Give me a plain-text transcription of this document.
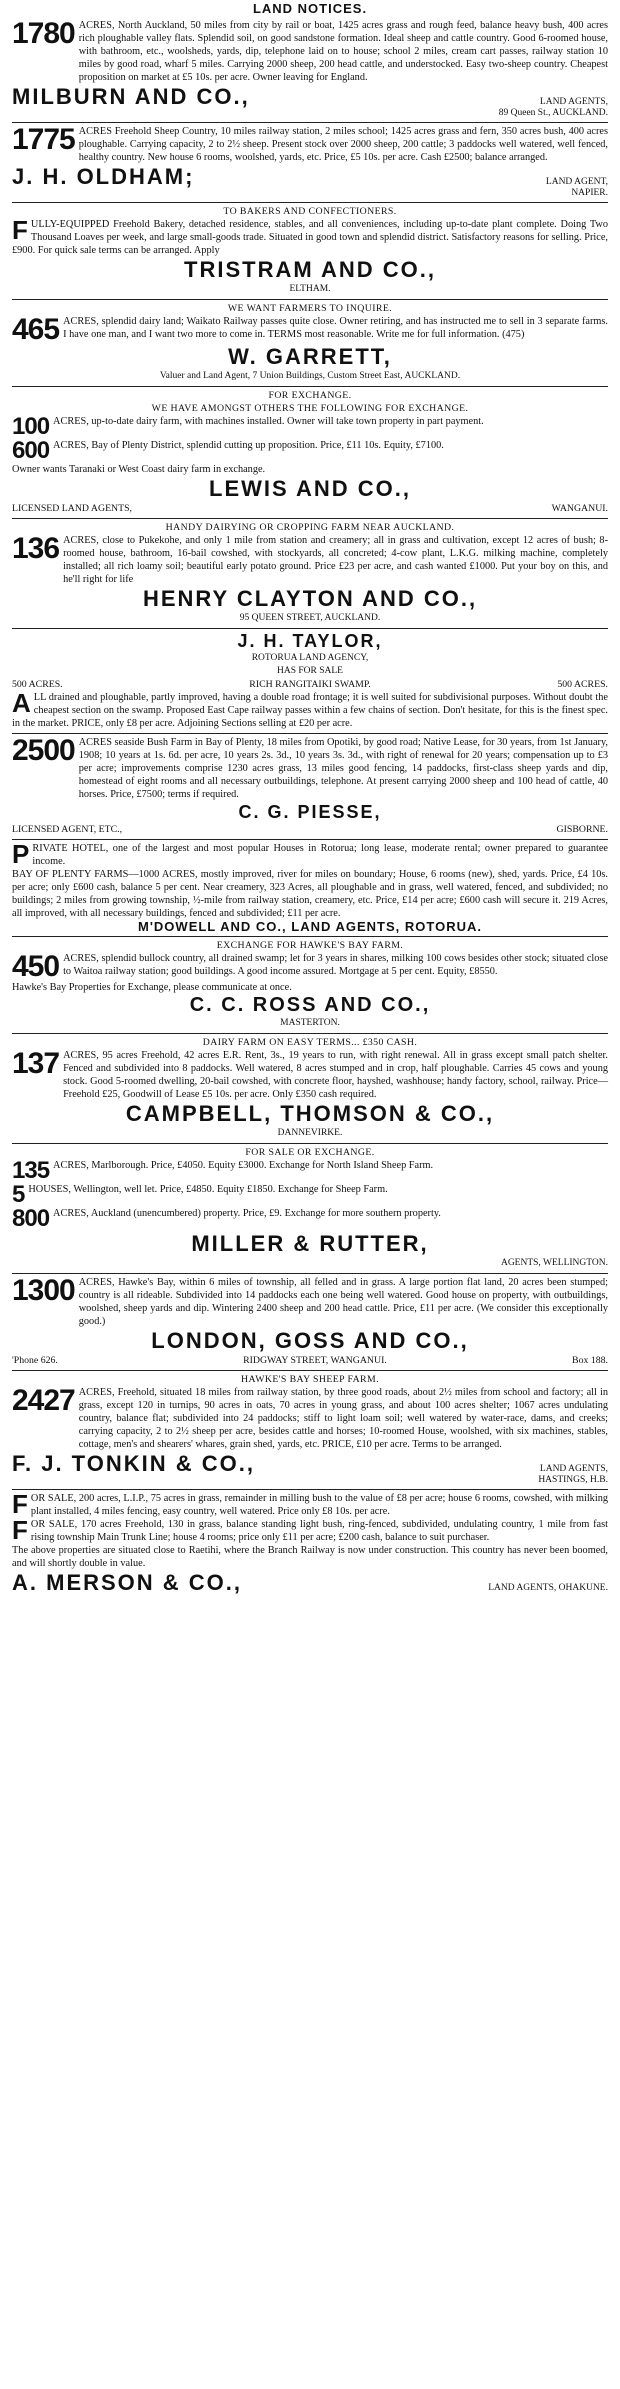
LAND NOTICES.
1780 ACRES, North Auckland, 50 miles from city by rail or boat, 1425 acres grass and rough feed, balance heavy bush, 400 acres rich ploughable valley flats. Splendid soil, on good sandstone formation. Ideal sheep and cattle country. Good 6-roomed house, with bathroom, etc., woolsheds, yards, dip, telephone laid on to house; school 2 miles, cream cart passes, railway station 10 miles by good road, wharf 5 miles. Carrying 2000 sheep, 200 head cattle, and understocked. Easy two-sheep country. Cheapest proposition on market at £5 10s. per acre. Owner leaving for England.
MILBURN AND CO.,	LAND AGENTS,
89 Queen St., AUCKLAND.
1775 ACRES Freehold Sheep Country, 10 miles railway station, 2 miles school; 1425 acres grass and fern, 350 acres bush, 400 acres ploughable. Carrying capacity, 2 to 2½ sheep. Present stock over 2000 sheep, 200 cattle; 3 paddocks well watered, well fenced, healthy country. New house 6 rooms, woolshed, yards, etc. Price, £5 10s. per acre. Cash £2500; balance arranged.
J. H. OLDHAM;	LAND AGENT,
NAPIER.
TO BAKERS AND CONFECTIONERS.
FULLY-EQUIPPED Freehold Bakery, detached residence, stables, and all conveniences, including up-to-date plant complete. Doing Two Thousand Loaves per week, and large small-goods trade. Situated in good town and splendid district. Satisfactory reasons for selling. Price, £900. For quick sale terms can be arranged. Apply
TRISTRAM AND CO.,
ELTHAM.
WE WANT FARMERS TO INQUIRE.
465 ACRES, splendid dairy land; Waikato Railway passes quite close. Owner retiring, and has instructed me to sell in 3 separate farms. I have one man, and I want two more to come in. TERMS most reasonable. Write me for full information. (475)
W. GARRETT,
Valuer and Land Agent, 7 Union Buildings, Custom Street East, AUCKLAND.
FOR EXCHANGE.
WE HAVE AMONGST OTHERS THE FOLLOWING FOR EXCHANGE.
100 ACRES, up-to-date dairy farm, with machines installed. Owner will take town property in part payment.
600 ACRES, Bay of Plenty District, splendid cutting up proposition. Price, £11 10s. Equity, £7100.
Owner wants Taranaki or West Coast dairy farm in exchange.
LEWIS AND CO.,
LICENSED LAND AGENTS,	WANGANUI.
HANDY DAIRYING OR CROPPING FARM NEAR AUCKLAND.
136 ACRES, close to Pukekohe, and only 1 mile from station and creamery; all in grass and cultivation, except 12 acres of bush; 8-roomed house, bathroom, 16-bail cowshed, with stockyards, all concreted; 4-cow plant, L.K.G. milking machine, completely installed; all rich loamy soil; beautiful early potato ground. Price £23 per acre, and cash wanted £1000. Put your boy on this, and he'll right for life
HENRY CLAYTON AND CO.,
95 QUEEN STREET, AUCKLAND.
J. H. TAYLOR,
ROTORUA LAND AGENCY,
HAS FOR SALE
500 ACRES.	RICH RANGITAIKI SWAMP.	500 ACRES.
ALL drained and ploughable, partly improved, having a double road frontage; it is well suited for subdivisional purposes. Without doubt the cheapest section on the swamp. Proposed East Cape railway passes within a few chains of section. Don't hesitate, for this is the finest spec. in the market. PRICE, only £8 per acre. Adjoining Sections selling at £20 per acre.
2500 ACRES seaside Bush Farm in Bay of Plenty, 18 miles from Opotiki, by good road; Native Lease, for 30 years, from 1st January, 1908; 10 years at 1s. 6d. per acre, 10 years 2s. 3d., 10 years 3s. 3d., with right of renewal for 20 years; compensation up to £3 per acre; improvements comprise 1230 acres grass, 13 miles good fencing, 14 paddocks, first-class sheep yards and dip, homestead of eight rooms and all necessary outbuildings, telephone. At present carrying 2000 sheep and 100 head of cattle, 40 horses. Price, £7500; terms if required.
C. G. PIESSE,
LICENSED AGENT, ETC.,	GISBORNE.
PRIVATE HOTEL, one of the largest and most popular Houses in Rotorua; long lease, moderate rental; owner prepared to guarantee income.
BAY OF PLENTY FARMS—1000 ACRES, mostly improved, river for miles on boundary; House, 6 rooms (new), shed, yards. Price, £4 10s. per acre; only £600 cash, balance 5 per cent. Near creamery, 323 Acres, all ploughable and in grass, well watered, fenced, and subdivided; no buildings; 2 miles from growing township, ½-mile from railway station, creamery, etc. Price, £14 per acre; £600 cash will secure it. 219 Acres, all improved, with all necessary buildings, fenced and subdivided; £11 per acre.
M'DOWELL AND CO., LAND AGENTS, ROTORUA.
EXCHANGE FOR HAWKE'S BAY FARM.
450 ACRES, splendid bullock country, all drained swamp; let for 3 years in shares, milking 100 cows besides other stock; situated close to Waitoa railway station; good buildings. A good income assured. Mortgage at 5 per cent. Equity, £8550.
Hawke's Bay Properties for Exchange, please communicate at once.
C. C. ROSS AND CO.,
MASTERTON.
DAIRY FARM ON EASY TERMS... £350 CASH.
137 ACRES, 95 acres Freehold, 42 acres E.R. Rent, 3s., 19 years to run, with right renewal. All in grass except small patch shelter. Fenced and subdivided into 8 paddocks. Well watered, 8 acres stumped and in crop, half ploughable. Carries 45 cows and young stock. Good 5-roomed dwelling, 20-bail cowshed, with concrete floor, hayshed, washhouse; handy factory, school, railway. Price—Freehold £25, Goodwill of Lease £5 10s. per acre. Only £350 cash required.
CAMPBELL, THOMSON & CO.,
DANNEVIRKE.
FOR SALE OR EXCHANGE.
135 ACRES, Marlborough. Price, £4050. Equity £3000. Exchange for North Island Sheep Farm.
5 HOUSES, Wellington, well let. Price, £4850. Equity £1850. Exchange for Sheep Farm.
800 ACRES, Auckland (unencumbered) property. Price, £9. Exchange for more southern property.
MILLER & RUTTER,
AGENTS, WELLINGTON.
1300 ACRES, Hawke's Bay, within 6 miles of township, all felled and in grass. A large portion flat land, 20 acres been stumped; country is all rideable. Subdivided into 14 paddocks each one being well watered. Good house on property, with outbuildings, woolshed, sheep yards and dip. Wintering 2400 sheep and 200 head cattle. Price, £11 per acre. (We consider this exceptionally good.)
LONDON, GOSS AND CO.,
'Phone 626.	RIDGWAY STREET, WANGANUI.	Box 188.
HAWKE'S BAY SHEEP FARM.
2427 ACRES, Freehold, situated 18 miles from railway station, by three good roads, about 2½ miles from school and factory; all in grass, except 120 in turnips, 90 acres in oats, 70 acres in young grass, and about 100 acres shelter; 1067 acres undulating country, balance flat; subdivided into 24 paddocks; stiff to light loam soil; well watered by water-race, dams, and creeks; carrying capacity, 2 to 2½ sheep per acre, besides cattle and horses; 10-roomed House, woolshed, with six machines, stables, cottage, men's and shearers' whares, grain shed, yards, etc. PRICE, £10 per acre. Terms to be arranged.
F. J. TONKIN & CO.,	LAND AGENTS,
HASTINGS, H.B.
FOR SALE, 200 acres, L.I.P., 75 acres in grass, remainder in milling bush to the value of £8 per acre; house 6 rooms, cowshed, with milking plant installed, 4 miles fencing, easy country, well watered. Price only £8 10s. per acre.
FOR SALE, 170 acres Freehold, 130 in grass, balance standing light bush, ring-fenced, subdivided, undulating country, 1 mile from fast rising township Main Trunk Line; house 4 rooms; price only £11 per acre; £200 cash, balance to suit purchaser.
The above properties are situated close to Raetihi, where the Branch Railway is now under construction. This country has never been boomed, and will shortly double in value.
A. MERSON & CO.,	LAND AGENTS, OHAKUNE.
